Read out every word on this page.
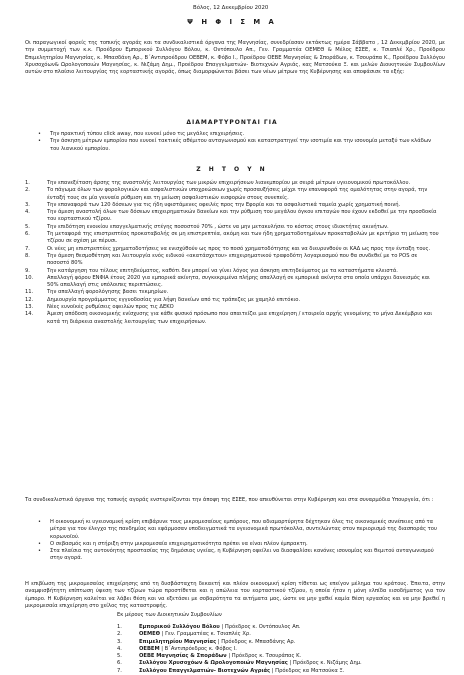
Βόλος, 12 Δεκεμβρίου 2020
Ψ Η Φ Ι Σ Μ Α
Οι παραγωγικοί φορείς της τοπικής αγοράς και τα συνδικαλιστικά όργανα της Μαγνησίας, συνεδρίασαν εκτάκτως ημέρα Σάββατο , 12 Δεκεμβρίου 2020, με την συμμετοχή των κ.κ. Προέδρου Εμπορικού Συλλόγου Βόλου, κ. Οντόπουλο Απ., Γεν. Γραμματέα ΟΕΜΕΘ & Μέλος ΕΣΕΕ, κ. Τσιαπλέ Χρ., Προέδρου Επιμελητηρίου Μαγνησίας, κ. Μπασδάνη Αρ., Β΄Αντιπροέδρου ΟΕΒΕΜ, κ. Φόβο Ι., Προέδρου ΟΕΒΕ Μαγνησίας & Σποράδων, κ. Τσουράπα Κ., Προέδρου Συλλόγου Χρυσοχόων& Ωρολογοποιών Μαγνησίας, κ. Νιζάμη Δημ., Προέδρου Επαγγελματιών- Βιοτεχνών Αγριάς, κας Ματσούκα Ξ. και μελών Διοικητικών Συμβουλίων αυτών στο πλαίσιο λειτουργίας της εορταστικής αγοράς, όπως διαμορφώνεται βάσει των νέων μέτρων της Κυβέρνησης και αποφάσισε τα εξής:
ΔΙΑΜΑΡΤΥΡΟΝΤΑΙ ΓΙΑ
•	Την πρακτική τύπου click away, που ευνοεί μόνο τις μεγάλες επιχειρήσεις.
•	Την άσκηση μέτρων εμπορίου που ευνοεί τακτικές αθέμιτου ανταγωνισμού και καταστρατηγεί την ισοτιμία και την ισονομία μεταξύ των κλάδων του λιανικού εμπορίου.
Ζ Η Τ Ο Υ Ν
1.	Την επανεξέταση άρσης της αναστολής λειτουργίας των μικρών επιχειρήσεων λιανεμπορίου με σειρά μέτρων υγειονομικού πρωτοκόλλου.
2.	Το πάγωμα όλων των φορολογικών και ασφαλιστικών υποχρεώσεων χωρίς προσαυξήσεις μέχρι την επαναφορά της ομαλότητας στην αγορά, την ένταξή τους σε μία γενναία ρύθμιση και τη μείωση ασφαλιστικών εισφορών στους συνεπείς.
3.	Την επαναφορά των 120 δόσεων για τις ήδη υφιστάμενες οφειλές προς την Εφορία και τα ασφαλιστικά ταμεία χωρίς χρηματική ποινή.
4.	Την άμεση αναστολή όλων των δόσεων επιχειρηματικών δανείων και την ρύθμιση του μεγάλου όγκου επιταγών που έχουν εκδοθεί με την προσδοκία του εορταστικού τζίρου.
5.	Την επιδότηση ενοικίου επαγγελματικής στέγης ποσοστού 70% , ώστε να μην μετακυλήσει το κόστος στους ιδιοκτήτες ακινήτων.
6.	Τη μεταφορά της επιστρεπτέας προκαταβολής σε μη επιστρεπτέα, ακόμη και των ήδη χρηματοδοτημένων προκαταβολών με κριτήριο τη μείωση του τζίρου σε σχέση με πέρυσι.
7.	Οι νέες μη επιστρεπτέες χρηματοδοτήσεις να ενισχύθούν ως προς το ποσό χρηματοδότησης και να διευρυνθούν οι ΚΑΔ ως προς την ένταξη τους.
8.	Την άμεση θεσμοθέτηση και λειτουργία ενός ειδικού «ακατάσχετου» επιχειρηματικού τραφοδότη λογαριασμού που θα συνδεθεί με το POS σε ποσοστό 80%
9.	Την κατάργηση του τέλους επιτηδεύματος, καθότι δεν μπορεί να γίνει λόγος για άσκηση επιτηδεύματος με τα καταστήματα κλειστά.
10.	Απαλλαγή φόρου ΕΝΦΙΑ έτους 2020 για εμπορικά ακίνητα, συγκεκριμένα πλήρης απαλλαγή σε εμπορικά ακίνητα στα οποία υπάρχει δανεισμός και 50% απαλλαγή στις υπόλοιπες περιπτώσεις.
11.	Την απαλλαγή φορολόγησης βασει τεκμηρίων.
12.	Δημιουργία προγράμματος εγγυοδοσίας για λήψη δανείων από τις τράπεζες με χαμηλό επιτόκιο.
13.	Νέες ευνοϊκές ρυθμίσεις οφειλών προς τις ΔΕΚΟ
14.	Άμεση απόδοση οικονομικής ενίσχυσης για κάθε φυσικό πρόσωπο που απαιτείζει μια επιχείρηση / εταιρεία αρχής γενομένης το μήνα Δεκέμβριο και κατά τη διάρκεια αναστολής λειτουργίας των επιχειρήσεων.
Τα συνδικαλιστικά όργανα της τοπικής αγοράς ενστερνίζονται την άποψη της ΕΣΕΕ, που απευθύνεται στην Κυβέρνηση και στα συναρμόδια Υπουργεία, ότι :
•	Η οικονομική κι υγειονομική κρίση επιβάρυνε τους μικρομεσαίους εμπόρους, που αδιαμαρτύρητα δέχτηκαν όλες τις οικονομικές συνέπειες από τα μέτρα για τον έλεγχο της πανδημίας και εφάρμοσαν υποδειγματικά τα υγειονομικά πρωτόκολλα, συντελώντας στον περιορισμό της διασποράς του κορωνοϊού.
•	Ο σεβασμός και η στήριξη στην μικρομεσαία επιχειρηματικότητα πρέπει να είναι πλέον έμπρακτη.
•	Στα πλαίσια της αυτονόητης προστασίας της δημόσιας υγείας, η Κυβέρνηση οφείλει να διασφαλίσει κανόνες ισονομίας και θεμιτού ανταγωνισμού στην αγορά.
Η επιβίωση της μικρομεσαίας επιχείρησης από τη δυσβάσταχτη δεκαετή και πλέον οικονομική κρίση τίθεται ως επείγον μέλημα του κράτους. Έπειτα, στην αναμφισβήτητη επίπτωση ύφεση των τζίρων τώρα προστίθεται και η απώλεια του εορταστικού τζίρου, η οποία ήταν η μόνη ελπίδα εισοδήματος για τον έμπορο. Η Κυβέρνηση καλείται να λάβει θέση και να εξετάσει με σοβαρότητα τα αιτήματα μας, ώστε να μην χαθεί καμία θέση εργασίας και να μην βρεθεί η μικρομεσαία επιχείρηση στο χείλος της καταστροφής.
Εκ μέρους των Διοικητικών Συμβουλίων
1.	Εμπορικού Συλλόγου Βόλου | Πρόεδρος κ. Οντόπουλος Απ.
2.	ΟΕΜΕΘ | Γεν. Γραμματέας κ. Τσιαπλές Χρ.
3.	Επιμελητηρίου Μαγνησίας | Πρόεδρος κ. Μπασδάνης Αρ.
4.	ΟΕΒΕΜ | Β΄Αντιπρόεδρος κ. Φόβος Ι.
5.	ΟΕΒΕ Μαγνησίας & Σποράδων | Πρόεδρος κ. Τσουράπας Κ.
6.	Συλλόγου Χρυσοχόων & Ωρολογοποιών Μαγνησίας | Πρόεδρος κ. Νιζάμης Δημ.
7.	Συλλόγου Επαγγελματιών- Βιοτεχνών Αγριάς | Πρόεδρος κα Ματσούκα Ξ.
